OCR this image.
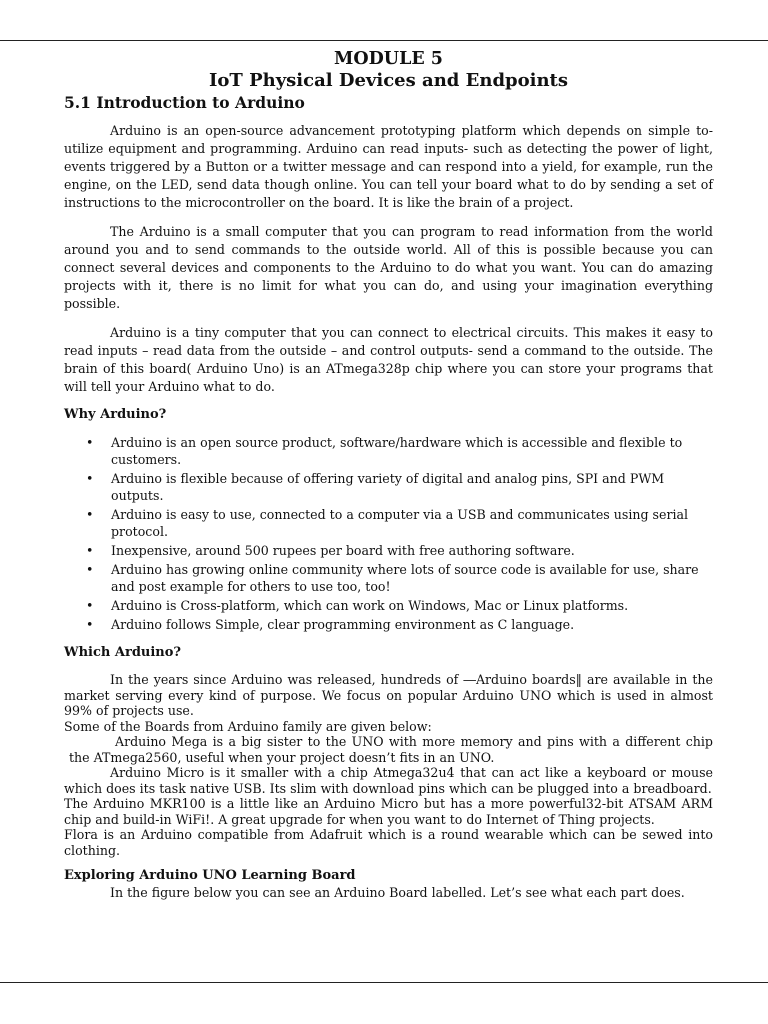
MODULE 5

IoT Physical Devices and Endpoints

5.1 Introduction to Arduino

Arduino is an open-source advancement prototyping platform which depends on simple to-utilize equipment and programming. Arduino can read inputs- such as detecting the power of light, events triggered by a Button or a twitter message and can respond into a yield, for example, run the engine, on the LED, send data though online. You can tell your board what to do by sending a set of instructions to the microcontroller on the board. It is like the brain of a project.

The Arduino is a small computer that you can program to read information from the world around you and to send commands to the outside world. All of this is possible because you can connect several devices and components to the Arduino to do what you want. You can do amazing projects with it, there is no limit for what you can do, and using your imagination everything possible.

Arduino is a tiny computer that you can connect to electrical circuits. This makes it easy to read inputs – read data from the outside – and control outputs- send a command to the outside. The brain of this board( Arduino Uno) is an ATmega328p chip where you can store your programs that will tell your Arduino what to do.

Why Arduino?
• Arduino is an open source product, software/hardware which is accessible and flexible to customers.
• Arduino is flexible because of offering variety of digital and analog pins, SPI and PWM outputs.
• Arduino is easy to use, connected to a computer via a USB and communicates using serial protocol.
• Inexpensive, around 500 rupees per board with free authoring software.
• Arduino has growing online community where lots of source code is available for use, share and post example for others to use too, too!
• Arduino is Cross-platform, which can work on Windows, Mac or Linux platforms.
• Arduino follows Simple, clear programming environment as C language.
Which Arduino?

In the years since Arduino was released, hundreds of ―Arduino boards‖ are available in the market serving every kind of purpose. We focus on popular Arduino UNO which is used in almost 99% of projects use.

Some of the Boards from Arduino family are given below:

Arduino Mega is a big sister to the UNO with more memory and pins with a different chip the ATmega2560, useful when your project doesn’t fits in an UNO.

Arduino Micro is it smaller with a chip Atmega32u4 that can act like a keyboard or mouse which does its task native USB. Its slim with download pins which can be plugged into a breadboard.

The Arduino MKR100 is a little like an Arduino Micro but has a more powerful32-bit ATSAM ARM chip and build-in WiFi!. A great upgrade for when you want to do Internet of Thing projects.

Flora is an Arduino compatible from Adafruit which is a round wearable which can be sewed into clothing.

Exploring Arduino UNO Learning Board

In the figure below you can see an Arduino Board labelled. Let’s see what each part does.
